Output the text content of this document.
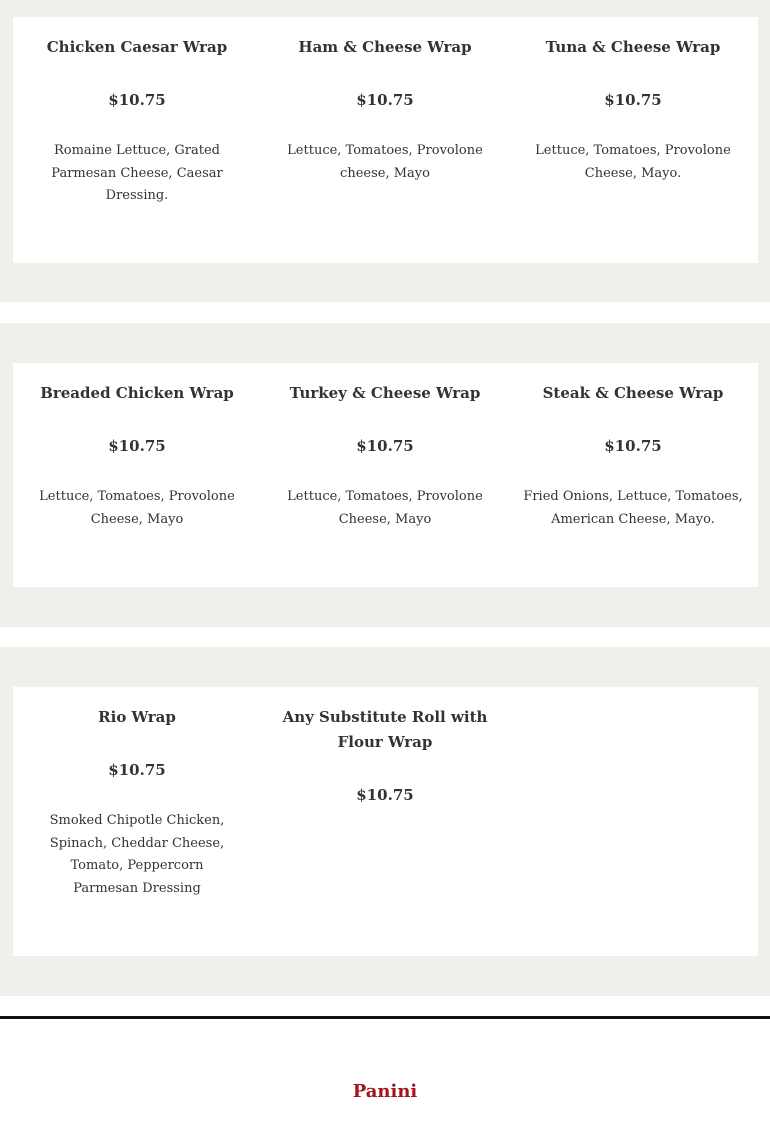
Chicken Caesar Wrap
$10.75
Romaine Lettuce, Grated Parmesan Cheese, Caesar Dressing.
Ham & Cheese Wrap
$10.75
Lettuce, Tomatoes, Provolone cheese, Mayo
Tuna & Cheese Wrap
$10.75
Lettuce, Tomatoes, Provolone Cheese, Mayo.
Breaded Chicken Wrap
$10.75
Lettuce, Tomatoes, Provolone Cheese, Mayo
Turkey & Cheese Wrap
$10.75
Lettuce, Tomatoes, Provolone Cheese, Mayo
Steak & Cheese Wrap
$10.75
Fried Onions, Lettuce, Tomatoes, American Cheese, Mayo.
Rio Wrap
$10.75
Smoked Chipotle Chicken, Spinach, Cheddar Cheese, Tomato, Peppercorn Parmesan Dressing
Any Substitute Roll with Flour Wrap
$10.75
Panini
